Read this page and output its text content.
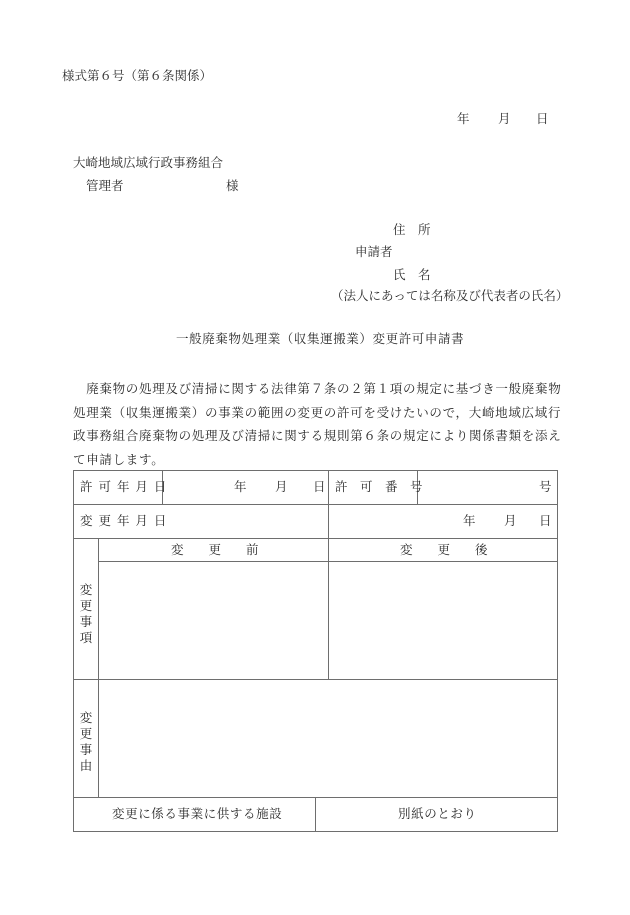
様式第６号（第６条関係）
年 月 日
大崎地域広域行政事務組合
管理者	様
住　所
申請者
氏　名
（法人にあっては名称及び代表者の氏名）
一般廃棄物処理業（収集運搬業）変更許可申請書
　廃棄物の処理及び清掃に関する法律第７条の２第１項の規定に基づき一般廃棄物
処理業（収集運搬業）の事業の範囲の変更の許可を受けたいので，大崎地域広域行
政事務組合廃棄物の処理及び清掃に関する規則第６条の規定により関係書類を添え
て申請します。
許 可 年 月 日	年 月 日 許　可　番　号	号
変 更 年 月 日	年 月 日
変
更
事
項
変　　更　　前	変　　更　　後
変
更
事
由
変更に係る事業に供する施設	別紙のとおり
